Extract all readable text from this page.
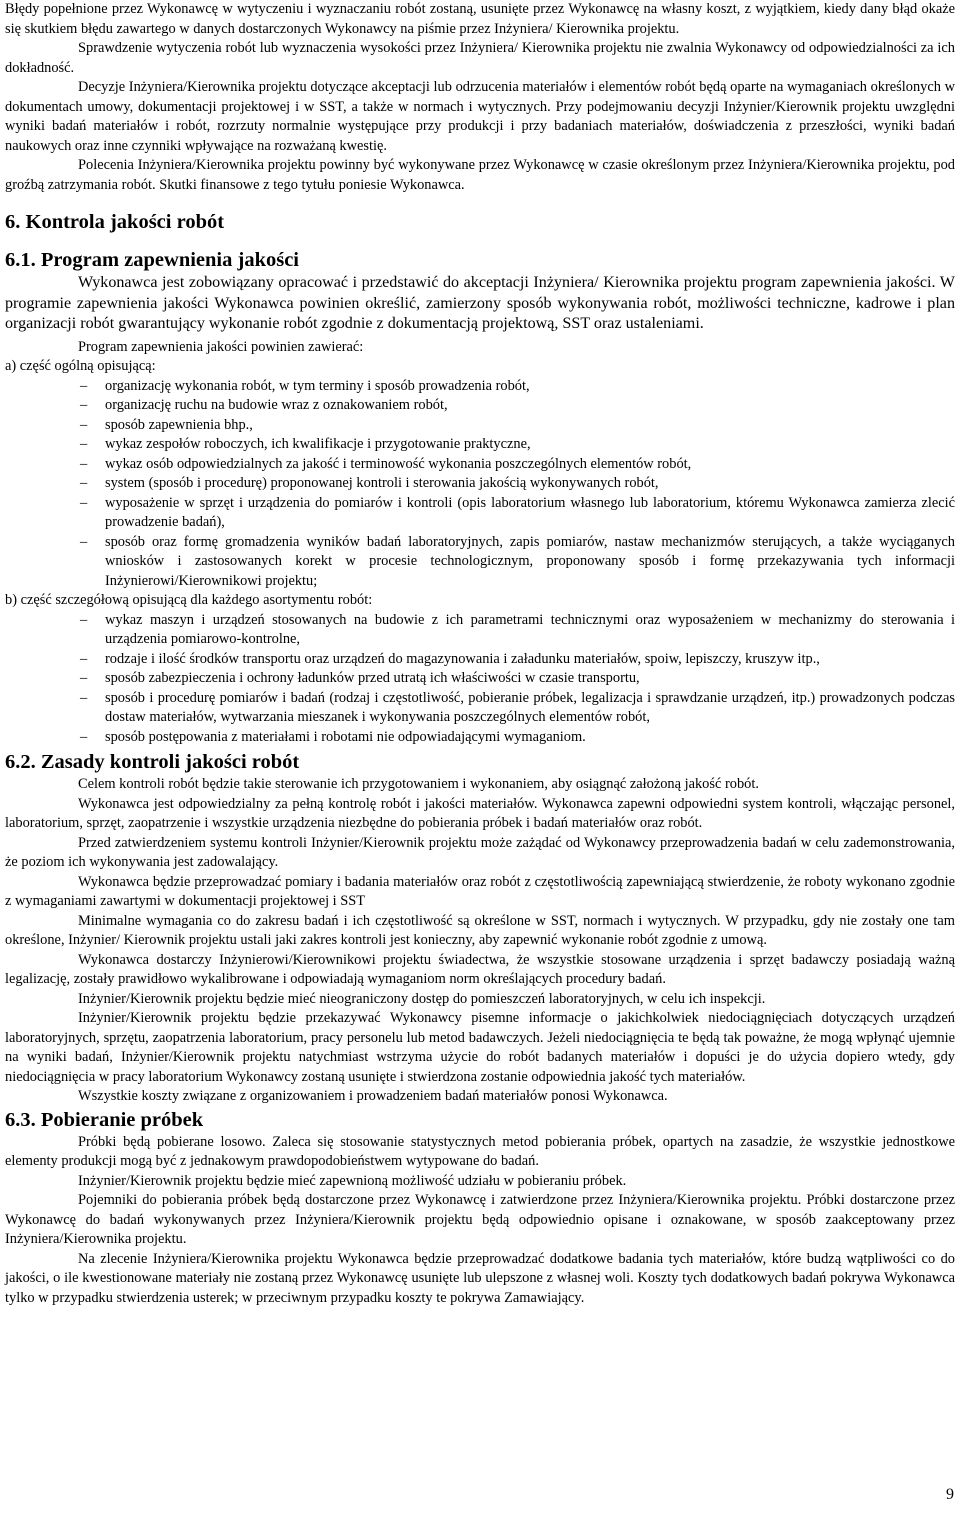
Błędy popełnione przez Wykonawcę w wytyczeniu i wyznaczaniu robót zostaną, usunięte przez Wykonawcę na własny koszt, z wyjątkiem, kiedy dany błąd okaże się skutkiem błędu zawartego w danych dostarczonych Wykonawcy na piśmie przez Inżyniera/ Kierownika projektu.

Sprawdzenie wytyczenia robót lub wyznaczenia wysokości przez Inżyniera/ Kierownika projektu nie zwalnia Wykonawcy od odpowiedzialności za ich dokładność.

Decyzje Inżyniera/Kierownika projektu dotyczące akceptacji lub odrzucenia materiałów i elementów robót będą oparte na wymaganiach określonych w dokumentach umowy, dokumentacji projektowej i w SST, a także w normach i wytycznych. Przy podejmowaniu decyzji Inżynier/Kierownik projektu uwzględni wyniki badań materiałów i robót, rozrzuty normalnie występujące przy produkcji i przy badaniach materiałów, doświadczenia z przeszłości, wyniki badań naukowych oraz inne czynniki wpływające na rozważaną kwestię.

Polecenia Inżyniera/Kierownika projektu powinny być wykonywane przez Wykonawcę w czasie określonym przez Inżyniera/Kierownika projektu, pod groźbą zatrzymania robót. Skutki finansowe z tego tytułu poniesie Wykonawca.

6. Kontrola jakości robót

6.1. Program zapewnienia jakości

Wykonawca jest zobowiązany opracować i przedstawić do akceptacji Inżyniera/ Kierownika projektu program zapewnienia jakości. W programie zapewnienia jakości Wykonawca powinien określić, zamierzony sposób wykonywania robót, możliwości techniczne, kadrowe i plan organizacji robót gwarantujący wykonanie robót zgodnie z dokumentacją projektową, SST oraz ustaleniami.

Program zapewnienia jakości powinien zawierać:

a) część ogólną opisującą:

– organizację wykonania robót, w tym terminy i sposób prowadzenia robót,
– organizację ruchu na budowie wraz z oznakowaniem robót,
– sposób zapewnienia bhp.,
– wykaz zespołów roboczych, ich kwalifikacje i przygotowanie praktyczne,
– wykaz osób odpowiedzialnych za jakość i terminowość wykonania poszczególnych elementów robót,
– system (sposób i procedurę) proponowanej kontroli i sterowania jakością wykonywanych robót,
– wyposażenie w sprzęt i urządzenia do pomiarów i kontroli (opis laboratorium własnego lub laboratorium, któremu Wykonawca zamierza zlecić prowadzenie badań),
– sposób oraz formę gromadzenia wyników badań laboratoryjnych, zapis pomiarów, nastaw mechanizmów sterujących, a także wyciąganych wniosków i zastosowanych korekt w procesie technologicznym, proponowany sposób i formę przekazywania tych informacji Inżynierowi/Kierownikowi projektu;

b) część szczegółową opisującą dla każdego asortymentu robót:

– wykaz maszyn i urządzeń stosowanych na budowie z ich parametrami technicznymi oraz wyposażeniem w mechanizmy do sterowania i urządzenia pomiarowo-kontrolne,
– rodzaje i ilość środków transportu oraz urządzeń do magazynowania i załadunku materiałów, spoiw, lepiszczy, kruszyw itp.,
– sposób zabezpieczenia i ochrony ładunków przed utratą ich właściwości w czasie transportu,
– sposób i procedurę pomiarów i badań (rodzaj i częstotliwość, pobieranie próbek, legalizacja i sprawdzanie urządzeń, itp.) prowadzonych podczas dostaw materiałów, wytwarzania mieszanek i wykonywania poszczególnych elementów robót,
– sposób postępowania z materiałami i robotami nie odpowiadającymi wymaganiom.

6.2. Zasady kontroli jakości robót

Celem kontroli robót będzie takie sterowanie ich przygotowaniem i wykonaniem, aby osiągnąć założoną jakość robót.

Wykonawca jest odpowiedzialny za pełną kontrolę robót i jakości materiałów. Wykonawca zapewni odpowiedni system kontroli, włączając personel, laboratorium, sprzęt, zaopatrzenie i wszystkie urządzenia niezbędne do pobierania próbek i badań materiałów oraz robót.

Przed zatwierdzeniem systemu kontroli Inżynier/Kierownik projektu może zażądać od Wykonawcy przeprowadzenia badań w celu zademonstrowania, że poziom ich wykonywania jest zadowalający.

Wykonawca będzie przeprowadzać pomiary i badania materiałów oraz robót z częstotliwością zapewniającą stwierdzenie, że roboty wykonano zgodnie z wymaganiami zawartymi w dokumentacji projektowej i SST

Minimalne wymagania co do zakresu badań i ich częstotliwość są określone w SST, normach i wytycznych. W przypadku, gdy nie zostały one tam określone, Inżynier/ Kierownik projektu ustali jaki zakres kontroli jest konieczny, aby zapewnić wykonanie robót zgodnie z umową.

Wykonawca dostarczy Inżynierowi/Kierownikowi projektu świadectwa, że wszystkie stosowane urządzenia i sprzęt badawczy posiadają ważną legalizację, zostały prawidłowo wykalibrowane i odpowiadają wymaganiom norm określających procedury badań.

Inżynier/Kierownik projektu będzie mieć nieograniczony dostęp do pomieszczeń laboratoryjnych, w celu ich inspekcji.

Inżynier/Kierownik projektu będzie przekazywać Wykonawcy pisemne informacje o jakichkolwiek niedociągnięciach dotyczących urządzeń laboratoryjnych, sprzętu, zaopatrzenia laboratorium, pracy personelu lub metod badawczych. Jeżeli niedociągnięcia te będą tak poważne, że mogą wpłynąć ujemnie na wyniki badań, Inżynier/Kierownik projektu natychmiast wstrzyma użycie do robót badanych materiałów i dopuści je do użycia dopiero wtedy, gdy niedociągnięcia w pracy laboratorium Wykonawcy zostaną usunięte i stwierdzona zostanie odpowiednia jakość tych materiałów.

Wszystkie koszty związane z organizowaniem i prowadzeniem badań materiałów ponosi Wykonawca.

6.3. Pobieranie próbek

Próbki będą pobierane losowo. Zaleca się stosowanie statystycznych metod pobierania próbek, opartych na zasadzie, że wszystkie jednostkowe elementy produkcji mogą być z jednakowym prawdopodobieństwem wytypowane do badań.

Inżynier/Kierownik projektu będzie mieć zapewnioną możliwość udziału w pobieraniu próbek.

Pojemniki do pobierania próbek będą dostarczone przez Wykonawcę i zatwierdzone przez Inżyniera/Kierownika projektu. Próbki dostarczone przez Wykonawcę do badań wykonywanych przez Inżyniera/Kierownik projektu będą odpowiednio opisane i oznakowane, w sposób zaakceptowany przez Inżyniera/Kierownika projektu.

Na zlecenie Inżyniera/Kierownika projektu Wykonawca będzie przeprowadzać dodatkowe badania tych materiałów, które budzą wątpliwości co do jakości, o ile kwestionowane materiały nie zostaną przez Wykonawcę usunięte lub ulepszone z własnej woli. Koszty tych dodatkowych badań pokrywa Wykonawca tylko w przypadku stwierdzenia usterek; w przeciwnym przypadku koszty te pokrywa Zamawiający.

9
